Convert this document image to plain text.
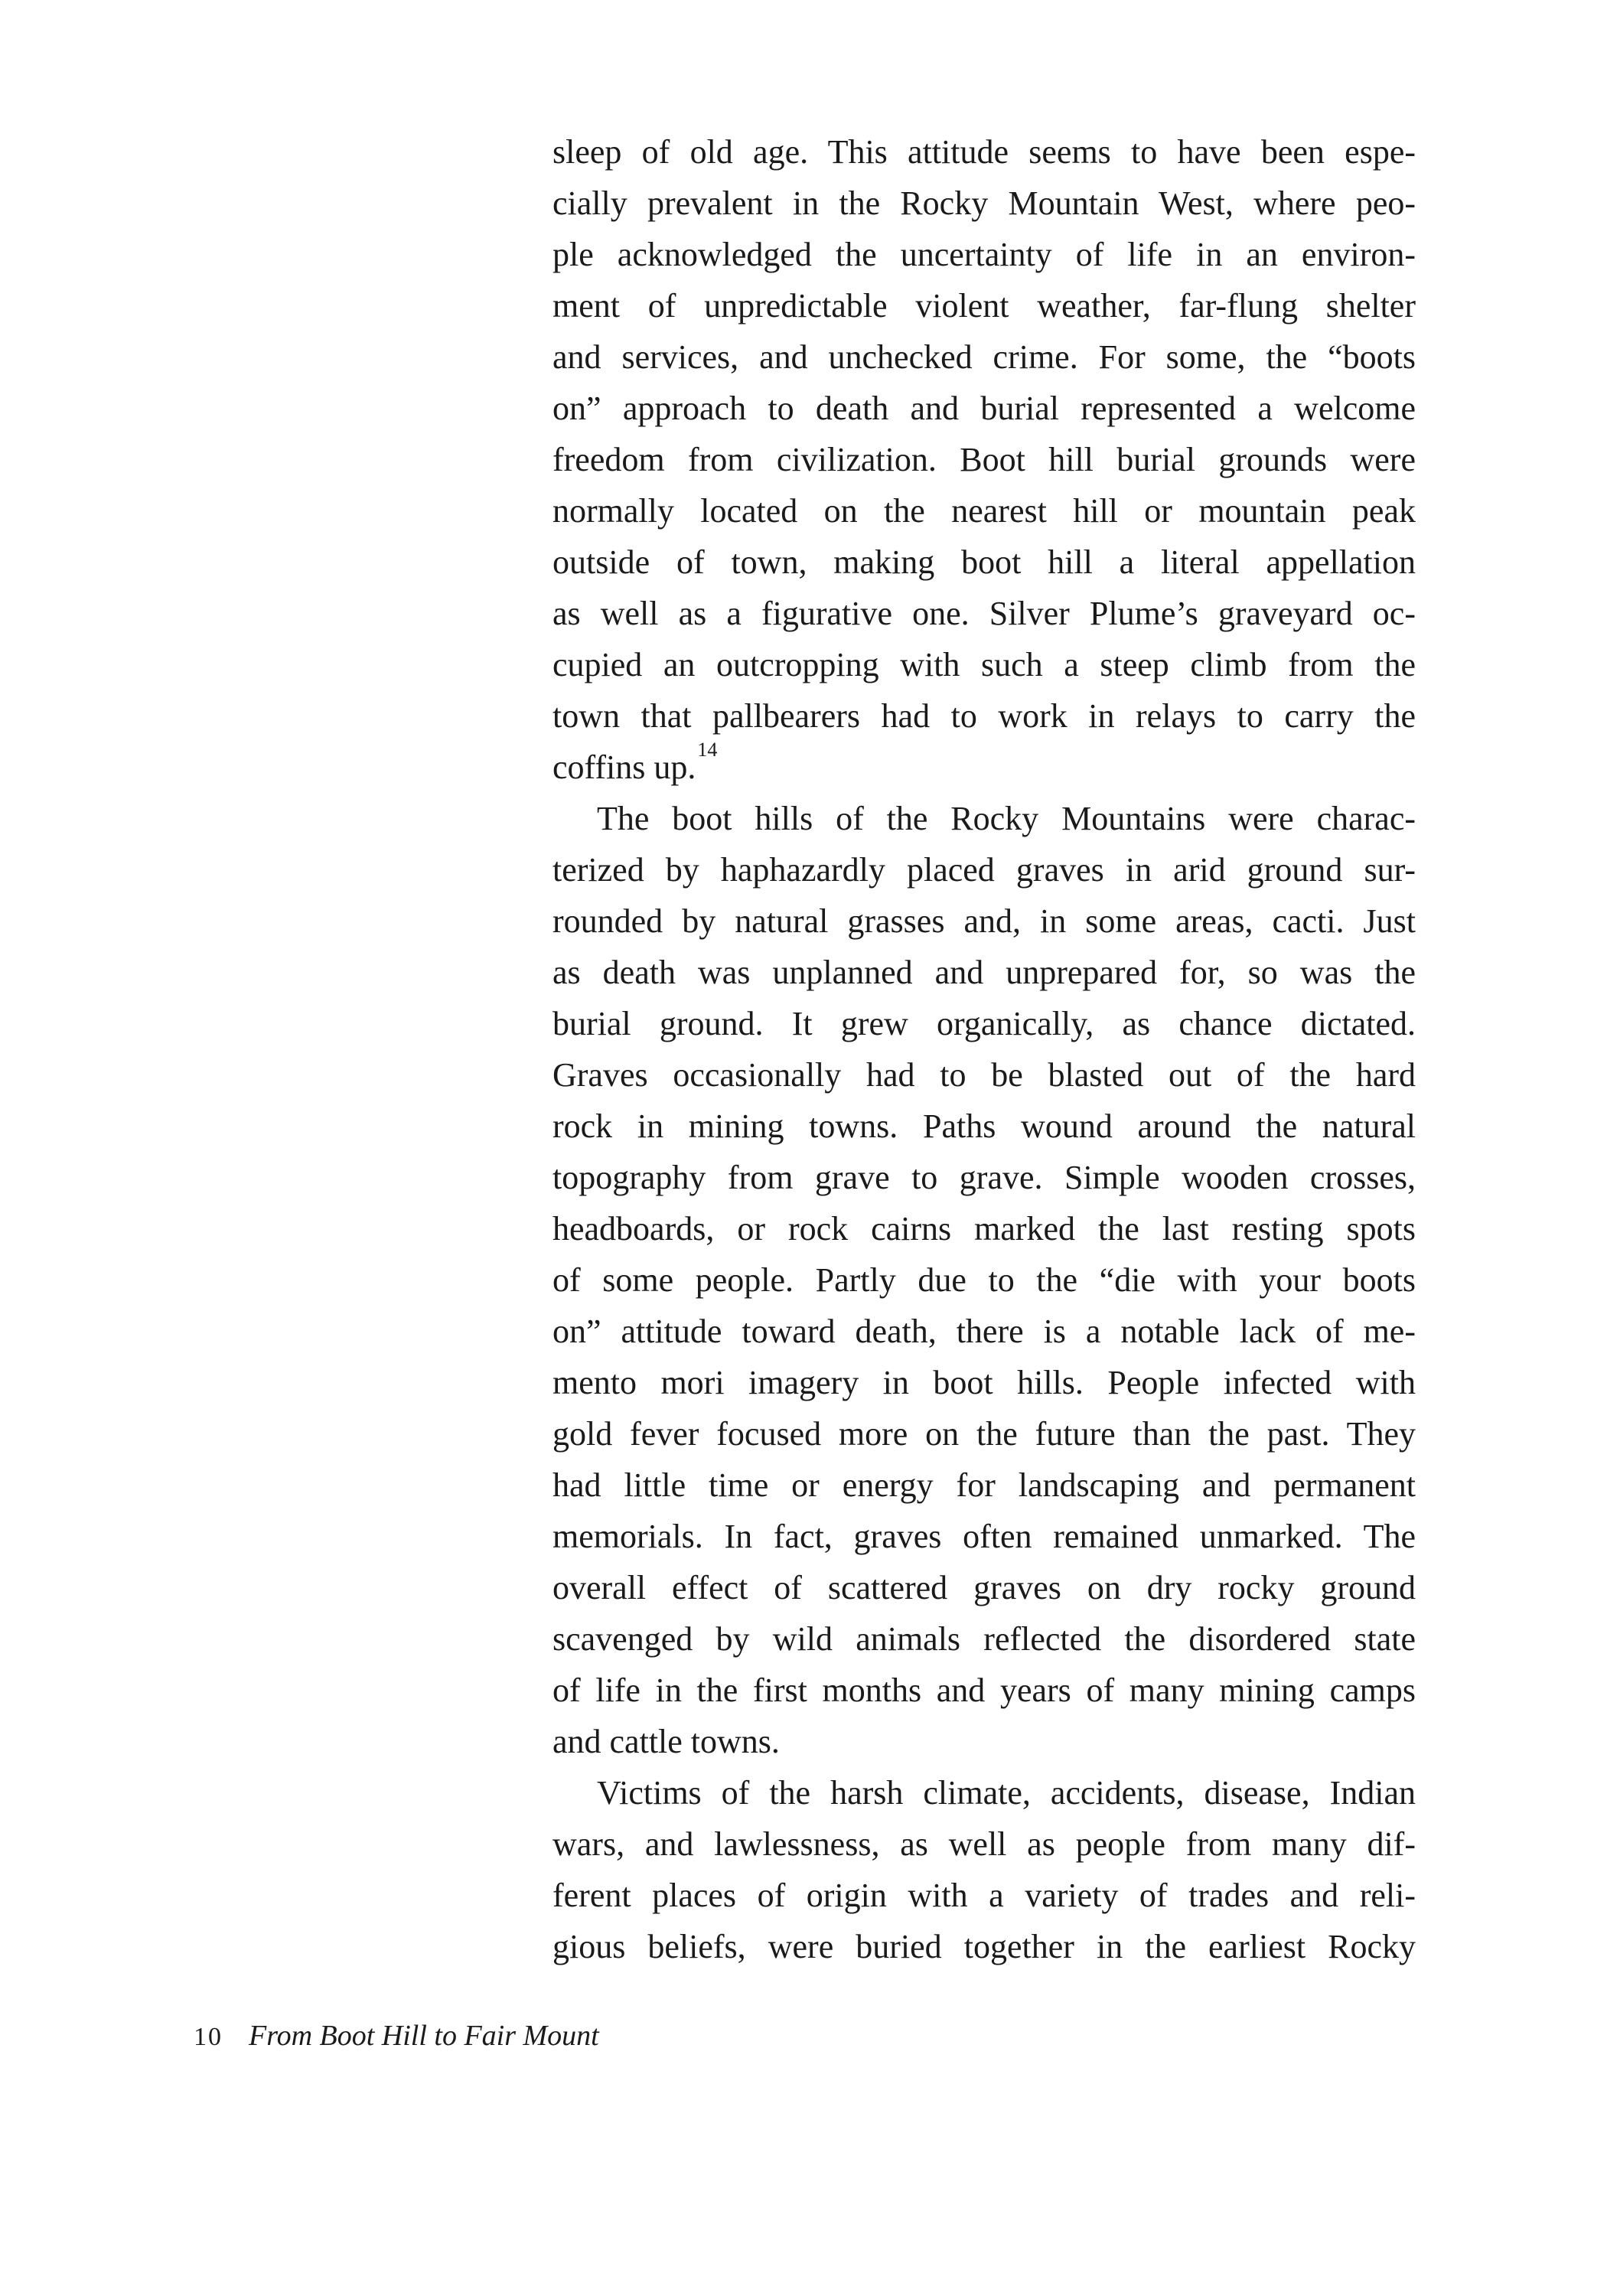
sleep of old age. This attitude seems to have been espe-
cially prevalent in the Rocky Mountain West, where peo-
ple acknowledged the uncertainty of life in an environ-
ment of unpredictable violent weather, far-flung shelter
and services, and unchecked crime. For some, the “boots
on” approach to death and burial represented a welcome
freedom from civilization. Boot hill burial grounds were
normally located on the nearest hill or mountain peak
outside of town, making boot hill a literal appellation
as well as a figurative one. Silver Plume’s graveyard oc-
cupied an outcropping with such a steep climb from the
town that pallbearers had to work in relays to carry the
coffins up.$^{14}$
The boot hills of the Rocky Mountains were charac-
terized by haphazardly placed graves in arid ground sur-
rounded by natural grasses and, in some areas, cacti. Just
as death was unplanned and unprepared for, so was the
burial ground. It grew organically, as chance dictated.
Graves occasionally had to be blasted out of the hard
rock in mining towns. Paths wound around the natural
topography from grave to grave. Simple wooden crosses,
headboards, or rock cairns marked the last resting spots
of some people. Partly due to the “die with your boots
on” attitude toward death, there is a notable lack of me-
mento mori imagery in boot hills. People infected with
gold fever focused more on the future than the past. They
had little time or energy for landscaping and permanent
memorials. In fact, graves often remained unmarked. The
overall effect of scattered graves on dry rocky ground
scavenged by wild animals reflected the disordered state
of life in the first months and years of many mining camps
and cattle towns.
Victims of the harsh climate, accidents, disease, Indian
wars, and lawlessness, as well as people from many dif-
ferent places of origin with a variety of trades and reli-
gious beliefs, were buried together in the earliest Rocky
10 From Boot Hill to Fair Mount
